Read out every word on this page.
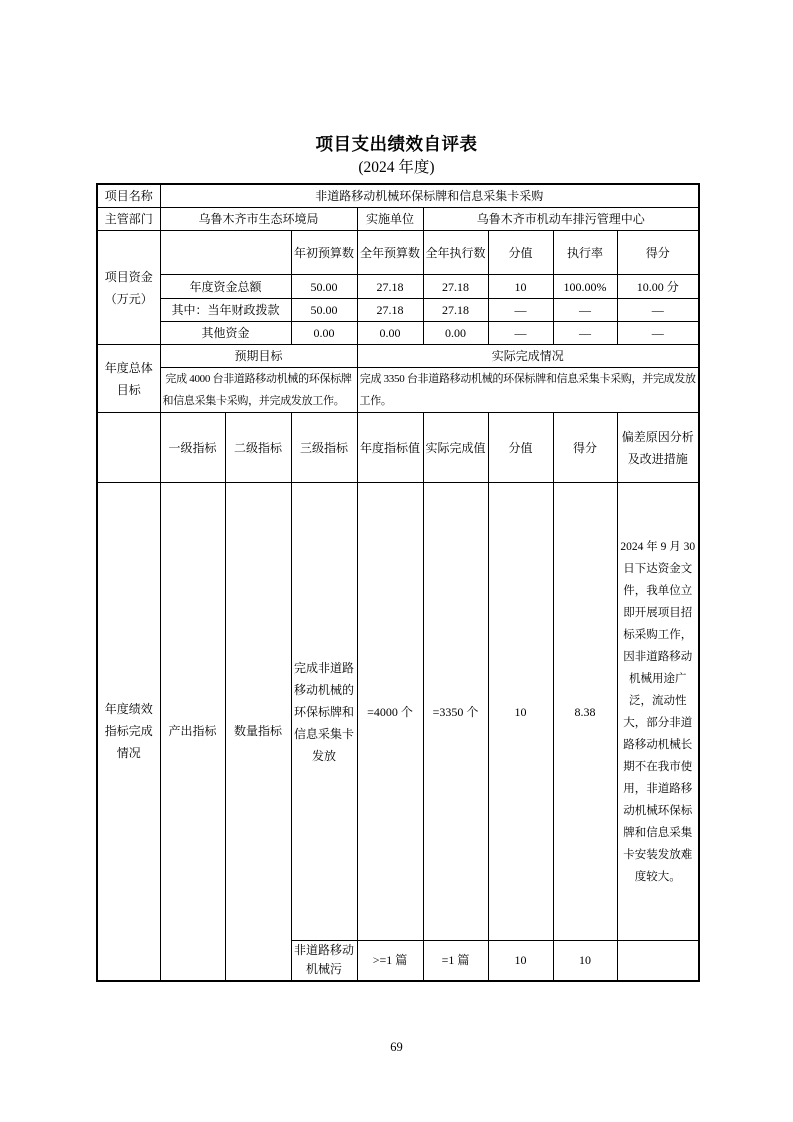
项目支出绩效自评表
(2024 年度)
项目名称	非道路移动机械环保标牌和信息采集卡采购							
主管部门	乌鲁木齐市生态环境局			实施单位	乌鲁木齐市机动车排污管理中心			
项目资金（万元）			年初预算数	全年预算数	全年执行数	分值	执行率	得分
	年度资金总额		50.00	27.18	27.18	10	100.00%	10.00 分
	其中：当年财政拨款		50.00	27.18	27.18	—	—	—
	其他资金		0.00	0.00	0.00	—	—	—
年度总体目标	预期目标			实际完成情况				
	完成 4000 台非道路移动机械的环保标牌和信息采集卡采购，并完成发放工作。			完成 3350 台非道路移动机械的环保标牌和信息采集卡采购，并完成发放工作。				
	一级指标	二级指标	三级指标	年度指标值	实际完成值	分值	得分	偏差原因分析及改进措施
年度绩效指标完成情况	产出指标	数量指标	完成非道路移动机械的环保标牌和信息采集卡发放	=4000 个	=3350 个	10	8.38	2024 年 9 月 30 日下达资金文件，我单位立即开展项目招标采购工作，因非道路移动机械用途广泛，流动性大，部分非道路移动机械长期不在我市使用，非道路移动机械环保标牌和信息采集卡安装发放难度较大。
			非道路移动机械污	>=1 篇	=1 篇	10	10	
69
